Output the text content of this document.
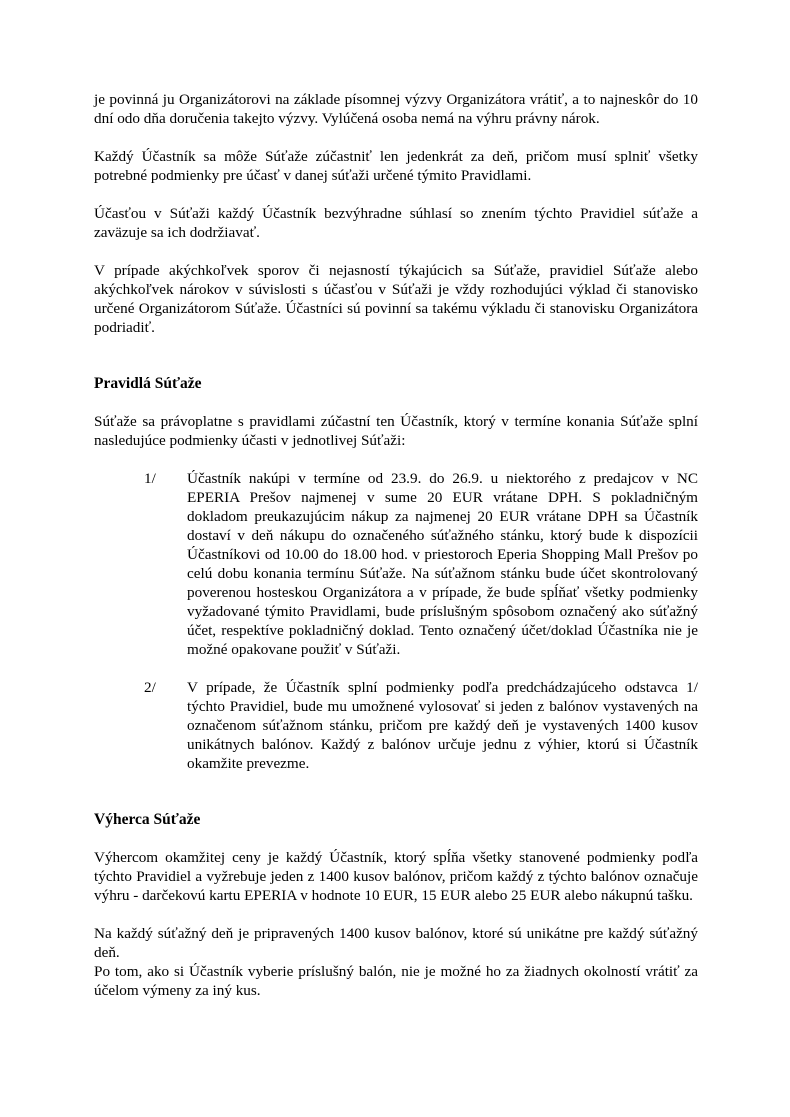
je povinná ju Organizátorovi na základe písomnej výzvy Organizátora vrátiť, a to najneskôr do 10 dní odo dňa doručenia takejto výzvy. Vylúčená osoba nemá na výhru právny nárok.

Každý Účastník sa môže Súťaže zúčastniť len jedenkrát za deň, pričom musí splniť všetky potrebné podmienky pre účasť v danej súťaži určené týmito Pravidlami.

Účasťou v Súťaži každý Účastník bezvýhradne súhlasí so znením týchto Pravidiel súťaže a zaväzuje sa ich dodržiavať.

V prípade akýchkoľvek sporov či nejasností týkajúcich sa Súťaže, pravidiel Súťaže alebo akýchkoľvek nárokov v súvislosti s účasťou v Súťaži je vždy rozhodujúci výklad či stanovisko určené Organizátorom Súťaže. Účastníci sú povinní sa takému výkladu či stanovisku Organizátora podriadiť.

Pravidlá Súťaže

Súťaže sa právoplatne s pravidlami zúčastní ten Účastník, ktorý v termíne konania Súťaže splní nasledujúce podmienky účasti v jednotlivej Súťaži:

1/	Účastník nakúpi v termíne od 23.9. do 26.9. u niektorého z predajcov v NC EPERIA Prešov najmenej v sume 20 EUR vrátane DPH. S pokladničným dokladom preukazujúcim nákup za najmenej 20 EUR vrátane DPH sa Účastník dostaví v deň nákupu do označeného súťažného stánku, ktorý bude k dispozícii Účastníkovi od 10.00 do 18.00 hod. v priestoroch Eperia Shopping Mall Prešov po celú dobu konania termínu Súťaže. Na súťažnom stánku bude účet skontrolovaný poverenou hosteskou Organizátora a v prípade, že bude spĺňať všetky podmienky vyžadované týmito Pravidlami, bude príslušným spôsobom označený ako súťažný účet, respektíve pokladničný doklad. Tento označený účet/doklad Účastníka nie je možné opakovane použiť v Súťaži.
2/	V prípade, že Účastník splní podmienky podľa predchádzajúceho odstavca 1/ týchto Pravidiel, bude mu umožnené vylosovať si jeden z balónov vystavených na označenom súťažnom stánku, pričom pre každý deň je vystavených 1400 kusov unikátnych balónov. Každý z balónov určuje jednu z výhier, ktorú si Účastník okamžite prevezme.
Výherca Súťaže

Výhercom okamžitej ceny je každý Účastník, ktorý spĺňa všetky stanovené podmienky podľa týchto Pravidiel a vyžrebuje jeden z 1400 kusov balónov, pričom každý z týchto balónov označuje výhru - darčekovú kartu EPERIA v hodnote 10 EUR, 15 EUR alebo 25 EUR alebo nákupnú tašku.

Na každý súťažný deň je pripravených 1400 kusov balónov, ktoré sú unikátne pre každý súťažný deň.

Po tom, ako si Účastník vyberie príslušný balón, nie je možné ho za žiadnych okolností vrátiť za účelom výmeny za iný kus.
